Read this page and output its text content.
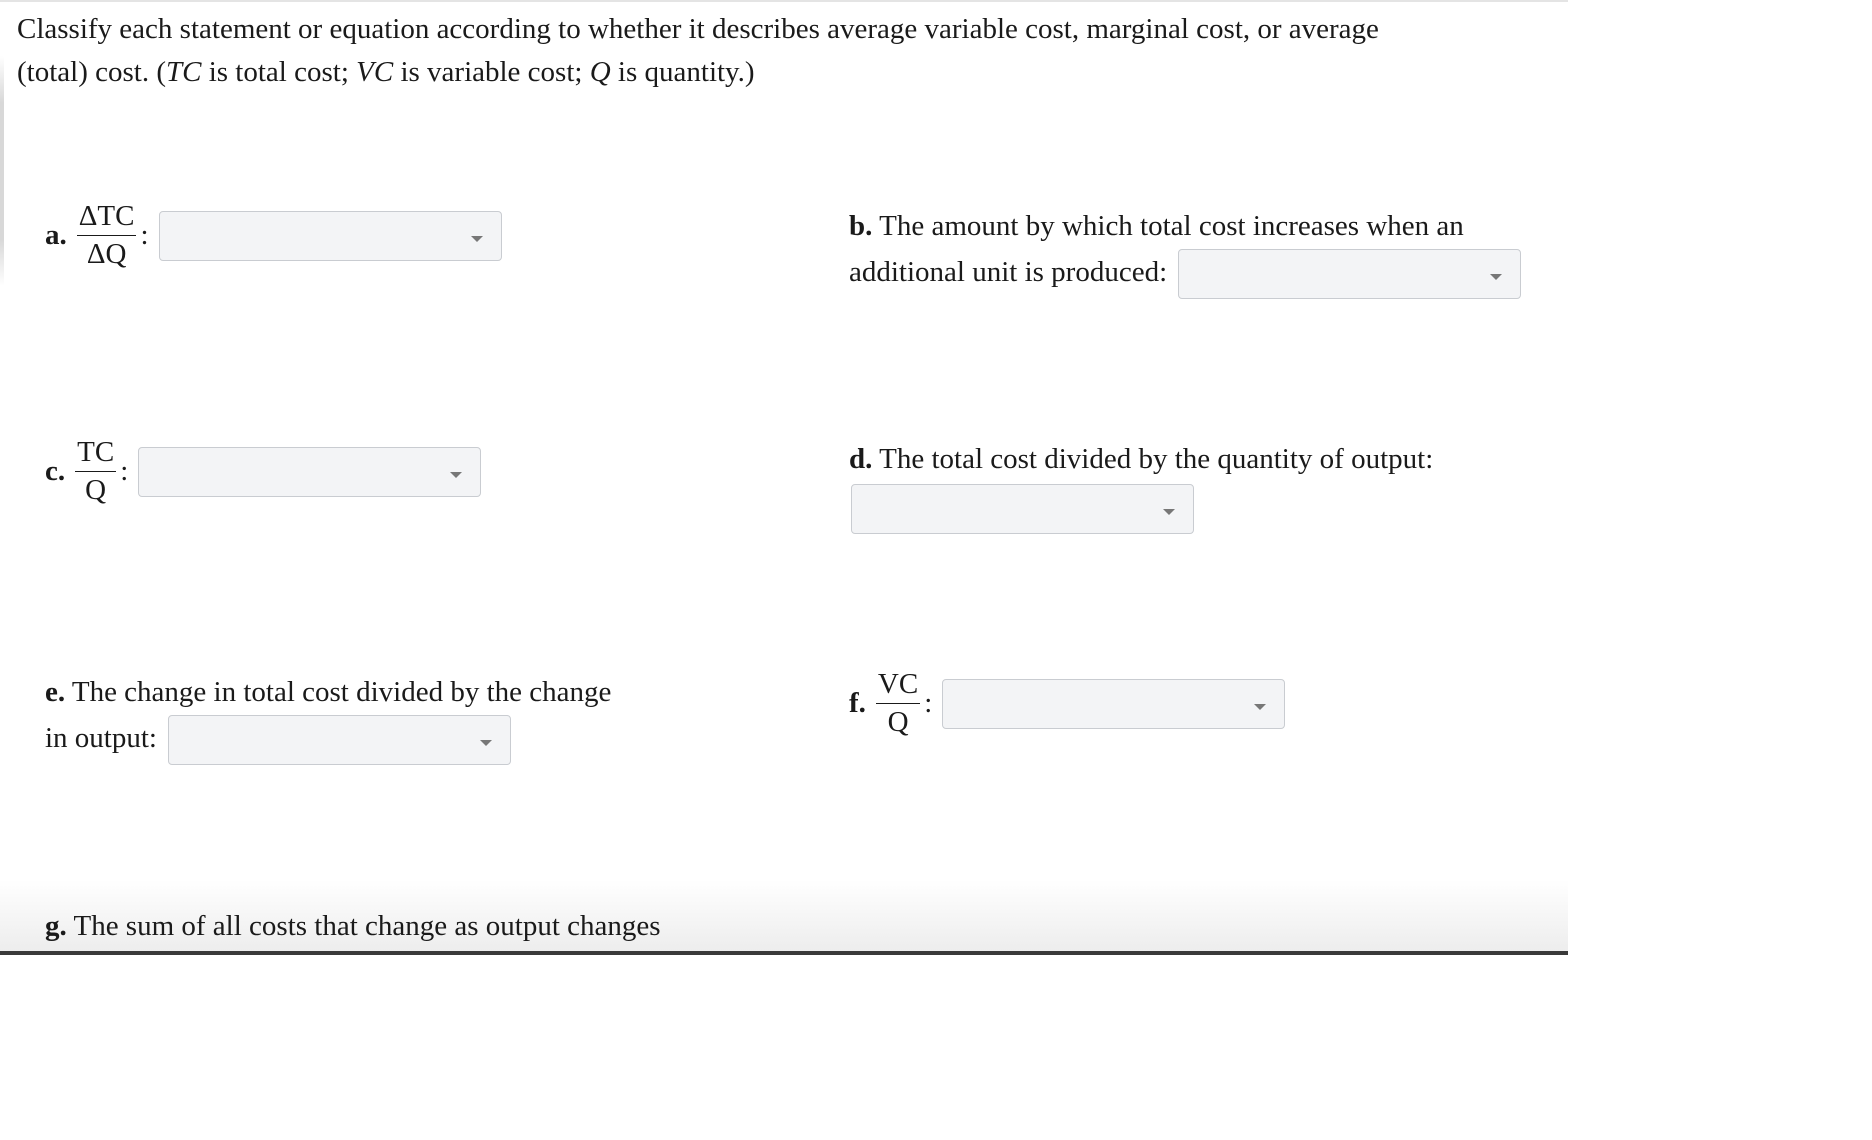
Classify each statement or equation according to whether it describes average variable cost, marginal cost, or average
(total) cost. (TC is total cost; VC is variable cost; Q is quantity.)
a. $\frac{\text{ΔTC}}{\Delta Q}$ :	b. The amount by which total cost increases when an
additional unit is produced:
c. $\frac{TC}{Q}$ :	d. The total cost divided by the quantity of output:
e. The change in total cost divided by the change
in output:
f. $\frac{VC}{Q}$ :
g. The sum of all costs that change as output changes
